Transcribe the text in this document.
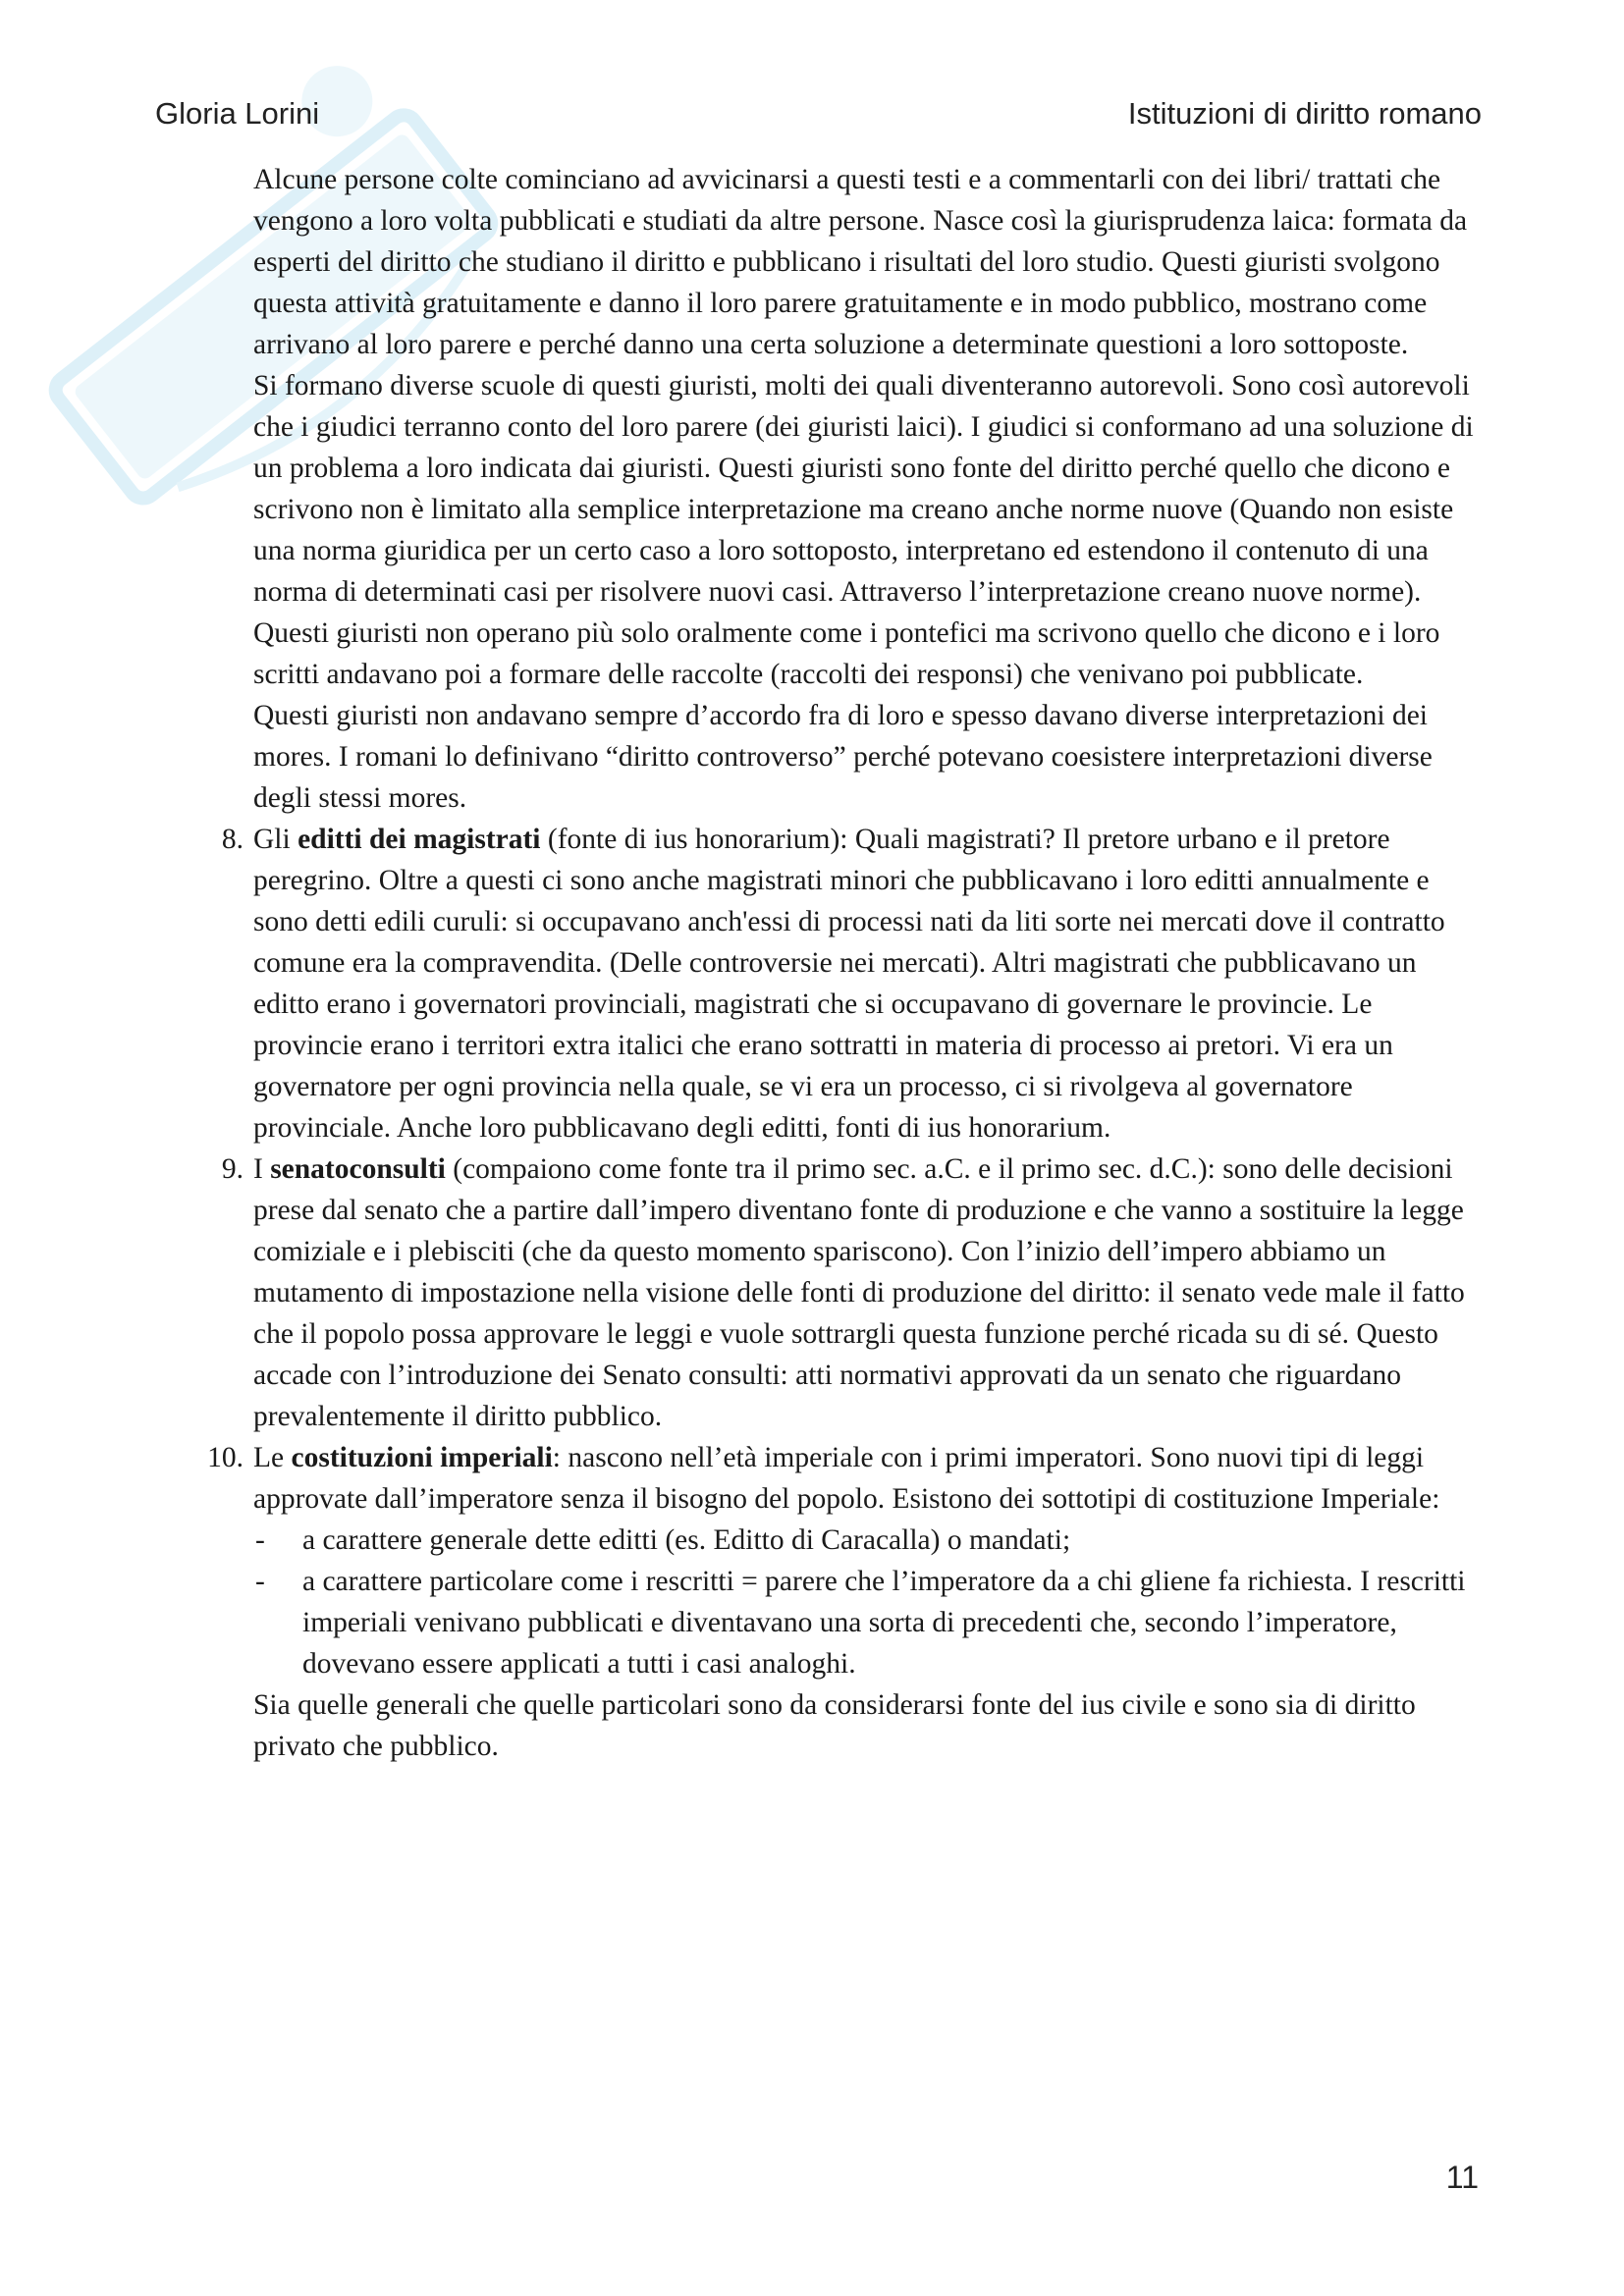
Gloria Lorini	Istituzioni di diritto romano

Alcune persone colte cominciano ad avvicinarsi a questi testi e a commentarli con dei libri/ trattati che vengono a loro volta pubblicati e studiati da altre persone. Nasce così la giurisprudenza laica: formata da esperti del diritto che studiano il diritto e pubblicano i risultati del loro studio. Questi giuristi svolgono questa attività gratuitamente e danno il loro parere gratuitamente e in modo pubblico, mostrano come arrivano al loro parere e perché danno una certa soluzione a determinate questioni a loro sottoposte.

Si formano diverse scuole di questi giuristi, molti dei quali diventeranno autorevoli. Sono così autorevoli che i giudici terranno conto del loro parere (dei giuristi laici). I giudici si conformano ad una soluzione di un problema a loro indicata dai giuristi. Questi giuristi sono fonte del diritto perché quello che dicono e scrivono non è limitato alla semplice interpretazione ma creano anche norme nuove (Quando non esiste una norma giuridica per un certo caso a loro sottoposto, interpretano ed estendono il contenuto di una norma di determinati casi per risolvere nuovi casi. Attraverso l’interpretazione creano nuove norme).

Questi giuristi non operano più solo oralmente come i pontefici ma scrivono quello che dicono e i loro scritti andavano poi a formare delle raccolte (raccolti dei responsi) che venivano poi pubblicate.

Questi giuristi non andavano sempre d’accordo fra di loro e spesso davano diverse interpretazioni dei mores. I romani lo definivano “diritto controverso” perché potevano coesistere interpretazioni diverse degli stessi mores.

8. Gli editti dei magistrati (fonte di ius honorarium): Quali magistrati? Il pretore urbano e il pretore peregrino. Oltre a questi ci sono anche magistrati minori che pubblicavano i loro editti annualmente e sono detti edili curuli: si occupavano anch'essi di processi nati da liti sorte nei mercati dove il contratto comune era la compravendita. (Delle controversie nei mercati). Altri magistrati che pubblicavano un editto erano i governatori provinciali, magistrati che si occupavano di governare le provincie. Le provincie erano i territori extra italici che erano sottratti in materia di processo ai pretori. Vi era un governatore per ogni provincia nella quale, se vi era un processo, ci si rivolgeva al governatore provinciale. Anche loro pubblicavano degli editti, fonti di ius honorarium.
9. I senatoconsulti (compaiono come fonte tra il primo sec. a.C. e il primo sec. d.C.): sono delle decisioni prese dal senato che a partire dall’impero diventano fonte di produzione e che vanno a sostituire la legge comiziale e i plebisciti (che da questo momento spariscono). Con l’inizio dell’impero abbiamo un mutamento di impostazione nella visione delle fonti di produzione del diritto: il senato vede male il fatto che il popolo possa approvare le leggi e vuole sottrargli questa funzione perché ricada su di sé. Questo accade con l’introduzione dei Senato consulti: atti normativi approvati da un senato che riguardano prevalentemente il diritto pubblico.
10. Le costituzioni imperiali: nascono nell’età imperiale con i primi imperatori. Sono nuovi tipi di leggi approvate dall’imperatore senza il bisogno del popolo. Esistono dei sottotipi di costituzione Imperiale:
- a carattere generale dette editti (es. Editto di Caracalla) o mandati;
- a carattere particolare come i rescritti = parere che l’imperatore da a chi gliene fa richiesta. I rescritti imperiali venivano pubblicati e diventavano una sorta di precedenti che, secondo l’imperatore, dovevano essere applicati a tutti i casi analoghi.

Sia quelle generali che quelle particolari sono da considerarsi fonte del ius civile e sono sia di diritto privato che pubblico.

11
